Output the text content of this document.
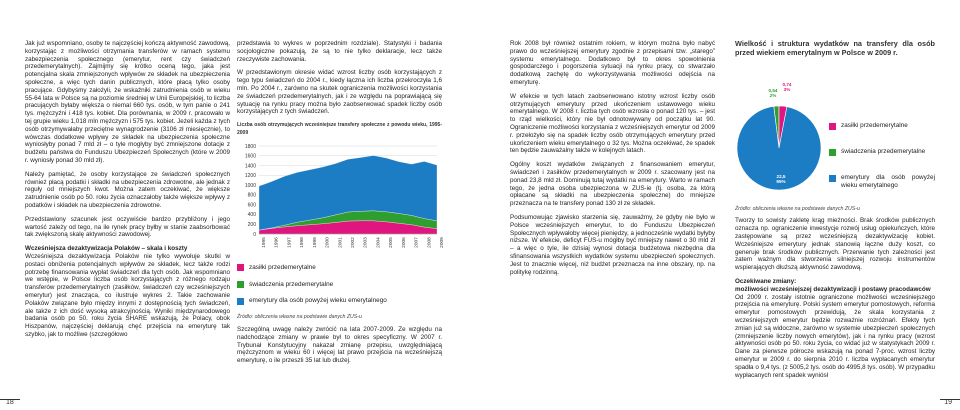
Jak już wspomniano, osoby te najczęściej kończą aktywność zawodową, korzystając z możliwości otrzymania transferów w ramach systemu zabezpieczenia społecznego (emerytur, rent czy świadczeń przedemerytalnych). Zajmijmy się krótko oceną tego, jaka jest potencjalna skala zmniejszonych wpływów ze składek na ubezpieczenia społeczne, a więc tych danin publicznych, które płacą tylko osoby pracujące. Gdybyśmy założyli, że wskaźniki zatrudnienia osób w wieku 55-64 lata w Polsce są na poziomie średniej w Unii Europejskiej, to liczba pracujących byłaby większa o niemal 660 tys. osób, w tym panie o 241 tys. mężczyźni i 418 tys. kobiet. Dla porównania, w 2009 r. pracowało w tej grupie wieku 1,018 mln mężczyzn i 575 tys. kobiet. Jeżeli każda z tych osób otrzymywałaby przeciętne wynagrodzenie (3106 zł miesięcznie), to wówczas dodatkowe wpływy ze składek na ubezpieczenia społeczne wyniosłyby ponad 7 mld zł – o tyle mogłyby być zmniejszone dotacje z budżetu państwa do Funduszu Ubezpieczeń Społecznych (które w 2009 r. wyniosły ponad 30 mld zł).

Należy pamiętać, że osoby korzystające ze świadczeń społecznych również płacą podatki i składki na ubezpieczenia zdrowotne, ale jednak z reguły od mniejszych kwot. Można zatem oczekiwać, że większe zatrudnienie osób po 50. roku życia oznaczałoby także większe wpływy z podatków i składek na ubezpieczenia zdrowotne.

Przedstawiony szacunek jest oczywiście bardzo przybliżony i jego wartość zależy od tego, na ile rynek pracy byłby w stanie zaabsorbować tak zwiększoną skalę aktywności zawodowej.

Wcześniejsza dezaktywizacja Polaków – skala i koszty

Wcześniejsza dezaktywizacja Polaków nie tylko wywołuje skutki w postaci obniżenia potencjalnych wpływów ze składek, lecz także rodzi potrzebę finansowania wypłat świadczeń dla tych osób. Jak wspomniano we wstępie, w Polsce liczba osób korzystających z różnego rodzaju transferów przedemerytalnych (zasiłków, świadczeń czy wcześniejszych emerytur) jest znacząca, co ilustruje wykres 2. Takie zachowanie Polaków związane było między innymi z dostępnością tych świadczeń, ale także z ich dość wysoką atrakcyjnością. Wyniki międzynarodowego badania osób po 50. roku życia SHARE wskazują, że Polacy, obok Hiszpanów, najczęściej deklarują chęć przejścia na emeryturę tak szybko, jak to możliwe (szczegółowo

przedstawia to wykres w poprzednim rozdziale). Statystyki i badania socjologiczne pokazują, że są to nie tylko deklaracje, lecz także rzeczywiste zachowania.

W przedstawionym okresie widać wzrost liczby osób korzystających z tego typu świadczeń do 2004 r., kiedy łączna ich liczba przekroczyła 1,6 mln. Po 2004 r., zarówno na skutek ograniczenia możliwości korzystania ze świadczeń przedemerytalnych, jak i ze względu na poprawiającą się sytuację na rynku pracy można było zaobserwować spadek liczby osób korzystających z tych świadczeń.

Liczba osób otrzymujących wcześniejsze transfery społeczne z powodu wieku, 1995-2009
0
200
400
600
800
1000
1200
1400
1600
1800
1995 1996 1997 1998 1999 2000 2001 2002 2003 2004 2005 2006 2007 2008 2009
zasiłki przedemerytalne
świadczenia przedemerytalne
emerytury dla osób powyżej wieku emerytalnego
Źródło: obliczenia własne na podstawie danych ZUS-u

Szczególną uwagę należy zwrócić na lata 2007-2009. Ze względu na nadchodzące zmiany w prawie był to okres specyficzny. W 2007 r. Trybunał Konstytucyjny nakazał zmianę przepisu, uwzględniającą mężczyznom w wieku 60 i więcej lat prawo przejścia na wcześniejszą emeryturę, o ile przeszli 35 lat lub dłużej.

18

Rok 2008 był również ostatnim rokiem, w którym można było nabyć prawo do wcześniejszej emerytury zgodnie z przepisami tzw. „starego” systemu emerytalnego. Dodatkowo był to okres spowolnienia gospodarczego i pogorszenia sytuacji na rynku pracy, co stwarzało dodatkową zachętę do wykorzystywania możliwości odejścia na emeryturę.

W efekcie w tych latach zaobserwowano istotny wzrost liczby osób otrzymujących emerytury przed ukończeniem ustawowego wieku emerytalnego. W 2008 r. liczba tych osób wzrosła o ponad 120 tys. – jest to rząd wielkości, który nie był odnotowywany od początku lat 90. Ograniczenie możliwości korzystania z wcześniejszych emerytur od 2009 r. przełożyło się na spadek liczby osób otrzymujących emerytury przed ukończeniem wieku emerytalnego o 32 tys. Można oczekiwać, że spadek ten będzie zauważalny także w kolejnych latach.

Ogólny koszt wydatków związanych z finansowaniem emerytur, świadczeń i zasiłków przedemerytalnych w 2009 r. szacowany jest na ponad 23,8 mld zł. Dominują tutaj wydatki na emerytury. Warto w ramach tego, że jedna osoba ubezpieczona w ZUS-ie (tj. osoba, za którą opłacane są składki na ubezpieczenia społeczne) do mniejsze przeznacza na te transfery ponad 130 zł ze składek.

Podsumowując zjawisko starzenia się, zauważmy, że gdyby nie było w Polsce wcześniejszych emerytur, to do Funduszu Ubezpieczeń Społecznych wpływałoby więcej pieniędzy, a jednocześnie wydatki byłyby niższe. W efekcie, deficyt FUS-u mógłby być mniejszy nawet o 30 mld zł – a więc o tyle, ile dzisiaj wynosi dotacja budżetowa niezbędna dla sfinansowania wszystkich wydatków systemu ubezpieczeń społecznych. Jest to znacznie więcej, niż budżet przeznacza na inne obszary, np. na politykę rodzinną.

Wielkość i struktura wydatków na transfery dla osób przed wiekiem emerytalnym w Polsce w 2009 r.
0,54
2%
0,74
3%
22,5
95%
zasiłki przedemerytalne
świadczenia przedemerytalne
emerytury dla osób powyżej wieku emerytalnego
Źródło: obliczenia własne na podstawie danych ZUS-u

Tworzy to sowisty zakletę krąg mieżności. Brak środków publicznych oznacza np. ograniczenie inwestycje rozwój usług opiekuńczych, które zastępowane są przez wcześniejszą dezaktywizację kobiet. Wcześniejsze emerytury jednak stanowią łączne duży koszt, co generuje brak środków publicznych. Przerwanie tych zależności jest zatem ważnym dla stworzenia silniejszej rozwoju instrumentów wspierających dłuższą aktywność zawodową.

Oczekiwane zmiany:

możliwości wcześniejszej dezaktywizacji i postawy pracodawców

Od 2009 r. zostały istotnie ograniczone możliwości wcześniejszego przejścia na emeryturę. Polski system emerytur pomostowych, reforma emerytur pomostowych przewidują, że skala korzystania z wcześniejszych emerytur będzie rozważnie rozróżnań. Efekty tych zmian już są widoczne, zarówno w systemie ubezpieczeń społecznych (zmniejszenie liczby nowych emerytów), jak i na rynku pracy (wzrost aktywności osób po 50. roku życia, co widać już w statystykach 2009 r. Dane za pierwsze półrocze wskazują na ponad 7-proc. wzrost liczby emerytur w 2009 r. do sierpnia 2010 r. liczba wypłacanych emerytur spadła o 9,4 tys. (z 5005,2 tys. osób do 4995,8 tys. osób). W przypadku wypłacanych rent spadek wyniósł

19
